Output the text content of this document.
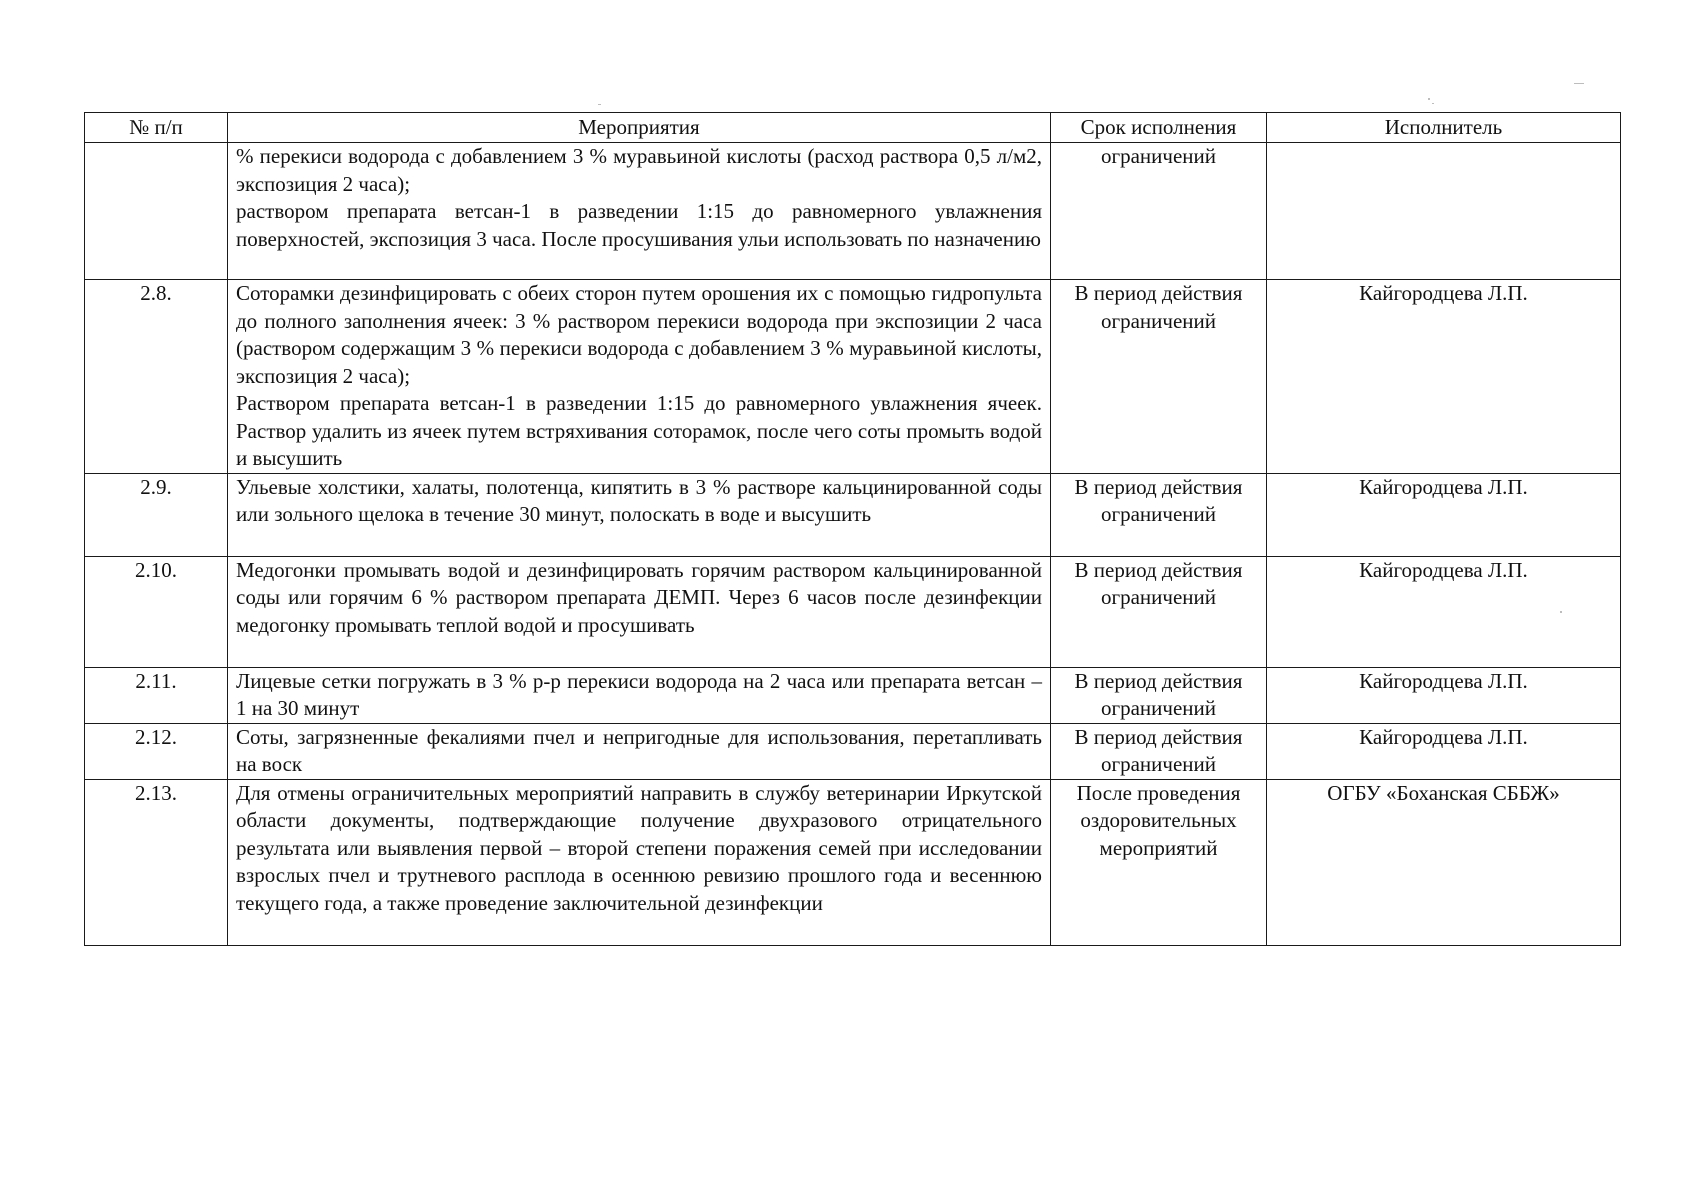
№ п/п	Мероприятия	Срок исполнения	Исполнитель

	% перекиси водорода с добавлением 3 % муравьиной кислоты (расход раствора 0,5 л/м2, экспозиция 2 часа);
раствором препарата ветсан-1 в разведении 1:15 до равномерного увлажнения поверхностей, экспозиция 3 часа. После просушивания ульи использовать по назначению	ограничений	
2.8.	Соторамки дезинфицировать с обеих сторон путем орошения их с помощью гидропульта до полного заполнения ячеек: 3 % раствором перекиси водорода при экспозиции 2 часа (раствором содержащим 3 % перекиси водорода с добавлением 3 % муравьиной кислоты, экспозиция 2 часа);
Раствором препарата ветсан-1 в разведении 1:15 до равномерного увлажнения ячеек. Раствор удалить из ячеек путем встряхивания соторамок, после чего соты промыть водой и высушить	В период действия ограничений	Кайгородцева Л.П.
2.9.	Ульевые холстики, халаты, полотенца, кипятить в 3 % растворе кальцинированной соды или зольного щелока в течение 30 минут, полоскать в воде и высушить	В период действия ограничений	Кайгородцева Л.П.
2.10.	Медогонки промывать водой и дезинфицировать горячим раствором кальцинированной соды или горячим 6 % раствором препарата ДЕМП. Через 6 часов после дезинфекции медогонку промывать теплой водой и просушивать	В период действия ограничений	Кайгородцева Л.П.
2.11.	Лицевые сетки погружать в 3 % р-р перекиси водорода на 2 часа или препарата ветсан – 1 на 30 минут	В период действия ограничений	Кайгородцева Л.П.
2.12.	Соты, загрязненные фекалиями пчел и непригодные для использования, перетапливать на воск	В период действия ограничений	Кайгородцева Л.П.
2.13.	Для отмены ограничительных мероприятий направить в службу ветеринарии Иркутской области документы, подтверждающие получение двухразового отрицательного результата или выявления первой – второй степени поражения семей при исследовании взрослых пчел и трутневого расплода в осеннюю ревизию прошлого года и весеннюю текущего года, а также проведение заключительной дезинфекции	После проведения оздоровительных мероприятий	ОГБУ «Боханская СББЖ»
